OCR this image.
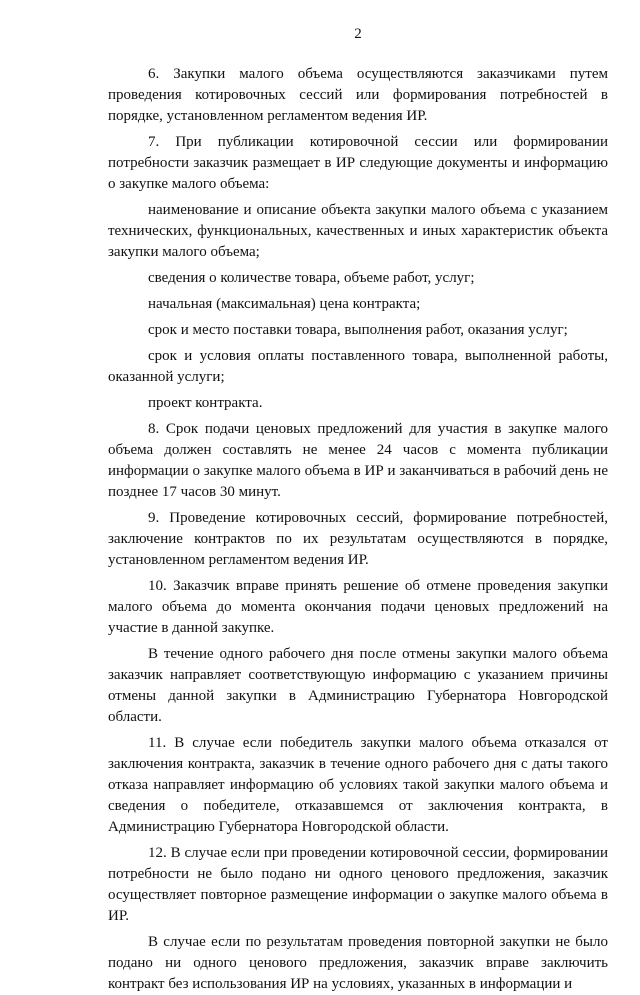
2

6. Закупки малого объема осуществляются заказчиками путем проведения котировочных сессий или формирования потребностей в порядке, установленном регламентом ведения ИР.

7. При публикации котировочной сессии или формировании потребности заказчик размещает в ИР следующие документы и информацию о закупке малого объема:

наименование и описание объекта закупки малого объема с указанием технических, функциональных, качественных и иных характеристик объекта закупки малого объема;

сведения о количестве товара, объеме работ, услуг;

начальная (максимальная) цена контракта;

срок и место поставки товара, выполнения работ, оказания услуг;

срок и условия оплаты поставленного товара, выполненной работы, оказанной услуги;

проект контракта.

8. Срок подачи ценовых предложений для участия в закупке малого объема должен составлять не менее 24 часов с момента публикации информации о закупке малого объема в ИР и заканчиваться в рабочий день не позднее 17 часов 30 минут.

9. Проведение котировочных сессий, формирование потребностей, заключение контрактов по их результатам осуществляются в порядке, установленном регламентом ведения ИР.

10. Заказчик вправе принять решение об отмене проведения закупки малого объема до момента окончания подачи ценовых предложений на участие в данной закупке.

В течение одного рабочего дня после отмены закупки малого объема заказчик направляет соответствующую информацию с указанием причины отмены данной закупки в Администрацию Губернатора Новгородской области.

11. В случае если победитель закупки малого объема отказался от заключения контракта, заказчик в течение одного рабочего дня с даты такого отказа направляет информацию об условиях такой закупки малого объема и сведения о победителе, отказавшемся от заключения контракта, в Администрацию Губернатора Новгородской области.

12. В случае если при проведении котировочной сессии, формировании потребности не было подано ни одного ценового предложения, заказчик осуществляет повторное размещение информации о закупке малого объема в ИР.

В случае если по результатам проведения повторной закупки не было подано ни одного ценового предложения, заказчик вправе заключить контракт без использования ИР на условиях, указанных в информации и
